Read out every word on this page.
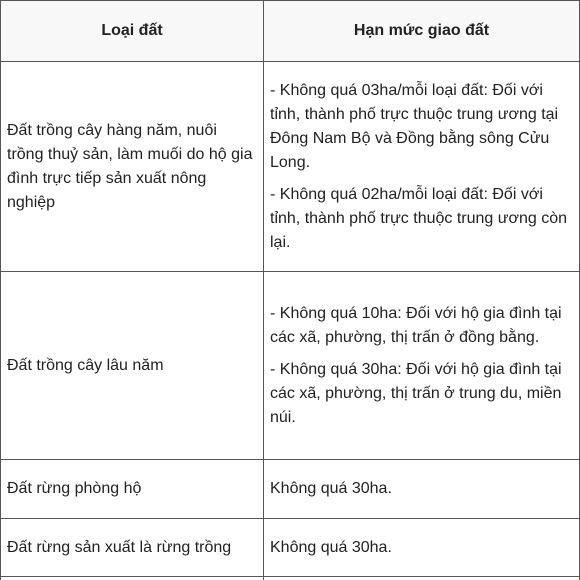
Loại đất	Hạn mức giao đất
Đất trồng cây hàng năm, nuôi trồng thuỷ sản, làm muối do hộ gia đình trực tiếp sản xuất nông nghiệp	- Không quá 03ha/mỗi loại đất: Đối với tỉnh, thành phố trực thuộc trung ương tại Đông Nam Bộ và Đồng bằng sông Cửu Long.
- Không quá 02ha/mỗi loại đất: Đối với tỉnh, thành phố trực thuộc trung ương còn lại.

Đất trồng cây lâu năm	- Không quá 10ha: Đối với hộ gia đình tại các xã, phường, thị trấn ở đồng bằng.
- Không quá 30ha: Đối với hộ gia đình tại các xã, phường, thị trấn ở trung du, miền núi.

Đất rừng phòng hộ	Không quá 30ha.

Đất rừng sản xuất là rừng trồng	Không quá 30ha.
